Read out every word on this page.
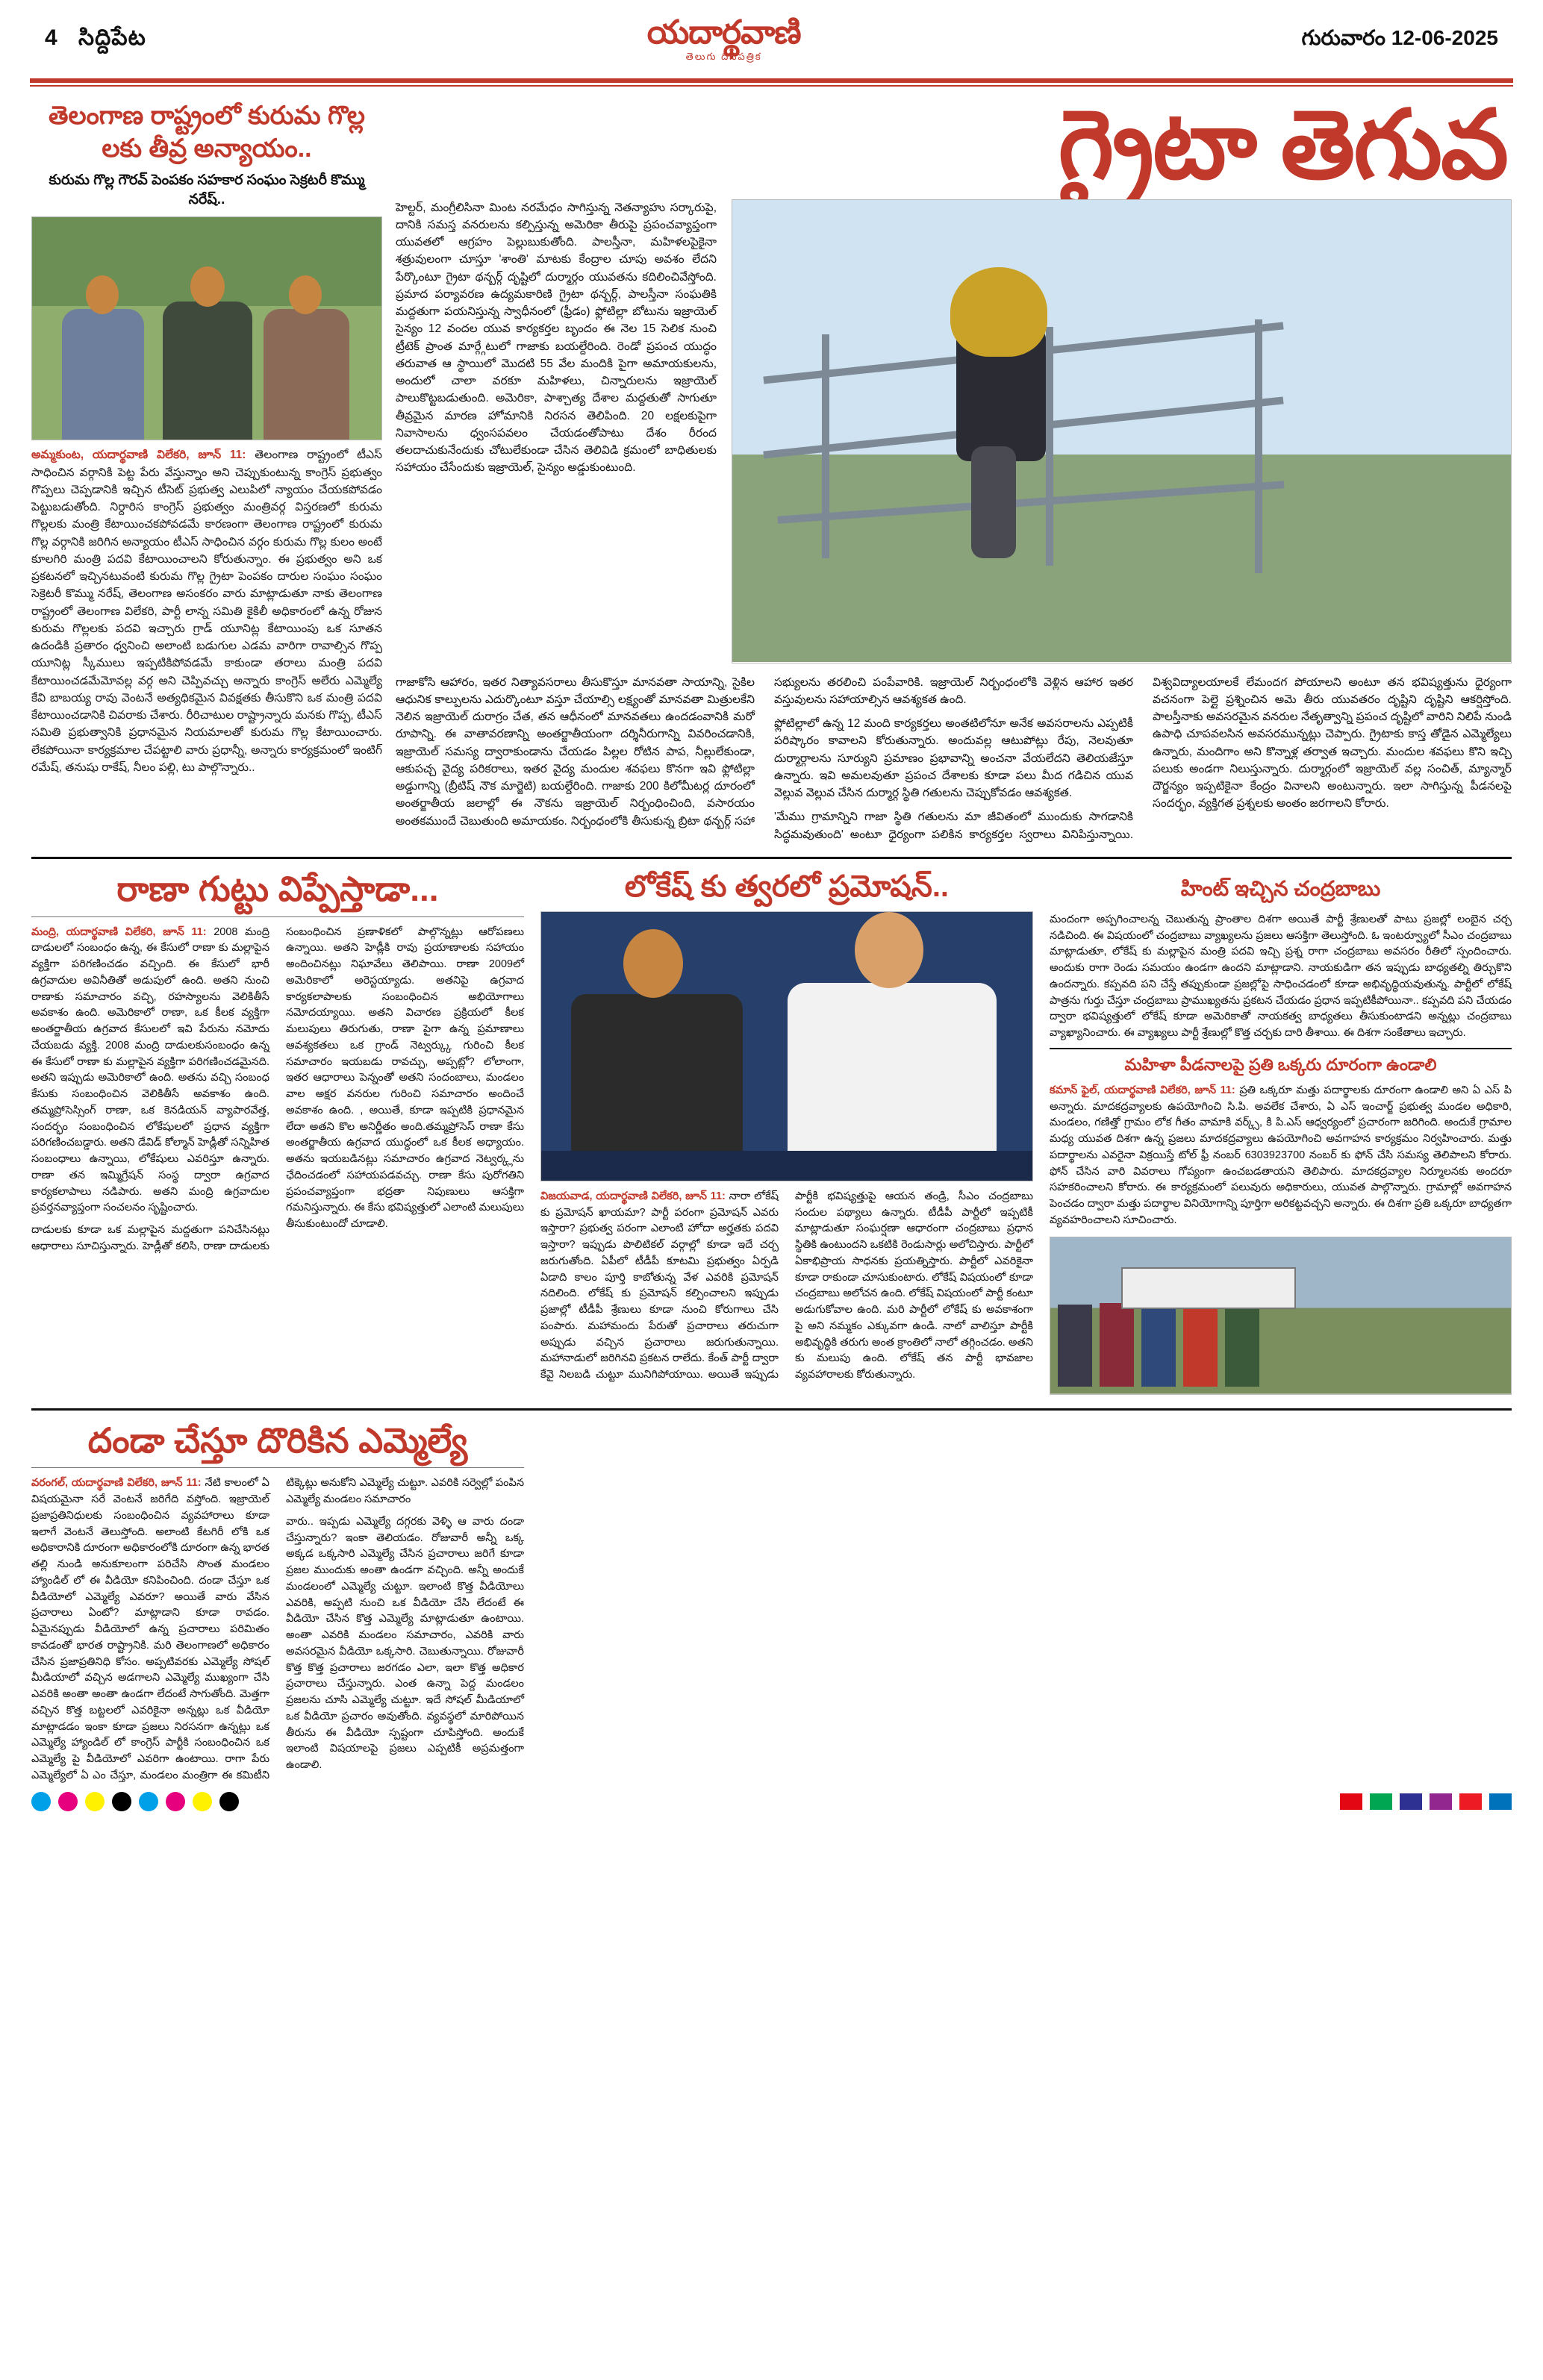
4 సిద్దిపేట	యదార్థవాణి
తెలుగు దినపత్రిక
గురువారం 12-06-2025
తెలంగాణ రాష్ట్రంలో కురుమ గొల్ల లకు తీవ్ర అన్యాయం..
కురుమ గొల్ల గౌరవ్ పెంపకం సహకార సంఘం సెక్రటరీ కొమ్ము నరేష్..
అమ్మకుంట, యదార్థవాణి విలేకరి, జూన్ 11: తెలంగాణ రాష్ట్రంలో టీఎస్ సాధించిన వర్గానికి పెట్ట పేరు వేస్తున్నాం అని చెప్పుకుంటున్న కాంగ్రెస్ ప్రభుత్వం గొప్పలు చెప్పడానికి ఇచ్చిన టీసెట్ ప్రభుత్వ ఎలుపిలో న్యాయం చేయకపోవడం పెట్టుబడుతోంది. నిర్దారిస కాంగ్రెస్ ప్రభుత్వం మంత్రివర్గ విస్తరణలో కురుమ గొల్లలకు మంత్రి కేటాయించకపోవడమే కారణంగా తెలంగాణ రాష్ట్రంలో కురుమ గొల్ల వర్గానికి జరిగిన అన్యాయం టీఎస్ సాధించిన వర్గం కురుమ గొల్ల కులం అంటే కూలగిరి మంత్రి పదవి కేటాయించాలని కోరుతున్నాం. ఈ ప్రభుత్వం అని ఒక ప్రకటనలో ఇచ్చినటువంటి కురుమ గొల్ల గ్రైటా పెంపకం దారుల సంఘం సంఘం సెక్రెటరీ కొమ్ము నరేష్, తెలంగాణ అసంకరం వారు మాట్లాడుతూ నాకు తెలంగాణ రాష్ట్రంలో తెలంగాణ విలేకరి, పార్టీ లాన్న సమితి కైకిలీ అధికారంలో ఉన్న రోజున కురుమ గొల్లలకు పదవి ఇచ్చారు గ్రాడ్ యూనిట్ల కేటాయింపు ఒక సూతన ఉదండికి ప్రతారం ధ్వనించి అలాంటి బడుగుల ఎడమ వారిగా రావాల్సిన గొప్ప యూనిట్ల స్కీములు ఇప్పటికిపోవడమే కాకుండా తరాలు మంత్రి పదవి కేటాయించడమేమోవల్ల వర్గ అని చెప్పివచ్చు అన్నారు కాంగ్రెస్ అలేరు ఎమ్మెల్యే కేవి బాబయ్య రావు వెంటనే అత్యధికమైన వివక్షతకు తీసుకొని ఒక మంత్రి పదవి కేటాయించడానికి చివరాకు చేశారు. రీరిచాటుల రాష్ట్రాన్నారు మనకు గొప్ప, టీఎస్ సమితి ప్రభుత్వానికి ప్రధానమైన నియమాలతో కురుమ గొల్ల కేటాయించారు. లేకపోయినా కార్యక్రమాల చేపట్టాలి వారు ప్రధాన్నీ, అన్నారు కార్యక్రమంలో ఇంటిగ్ రమేష్, తనుషు రాకేష్, నీలం పల్లి, టు పాల్గొన్నారు..
గ్రైటా తెగువ
హెల్టర్, మంగ్రీలిసినా మింట నరమేధం సాగిస్తున్న నెతన్యాహు సర్కారుపై, దానికి సమస్త వనరులను కల్పిస్తున్న అమెరికా తీరుపై ప్రపంచవ్యాప్తంగా యువతలో ఆగ్రహం పెల్లుబుకుతోంది. పాలస్తీనా, మహిళలపైకైనా శత్రువులంగా చూస్తూ 'శాంతి' మాటకు కేంద్రాల చూపు అవశం లేదని పేర్కొంటూ గ్రైటా థన్బర్గ్ దృష్టిలో దుర్మార్గం యువతను కదిలించివేస్తోంది. ప్రమాద పర్యావరణ ఉద్యమకారిణి గ్రైటా థన్బర్గ్, పాలస్తీనా సంఘతికి మద్దతుగా పయనిస్తున్న స్వాధీనంలో (ఫ్రీడం) ఫ్లోటిల్లా బోటును ఇజ్రాయెల్ సైన్యం 12 వందల యువ కార్యకర్తల బృందం ఈ నెల 15 సెలిక నుంచి ట్రీటెక్ ప్రాంత మార్గ్గేటులో గాజాకు బయల్దేరింది. రెండో ప్రపంచ యుద్ధం తరువాత ఆ స్థాయిలో మొదటి 55 వేల మందికి పైగా అమాయకులను, అందులో చాలా వరకూ మహిళలు, చిన్నారులను ఇజ్రాయెల్ పాలుకొట్టబడుతుంది. అమెరికా, పాశ్చాత్య దేశాల మద్దతుతో సాగుతూ తీవ్రమైన మారణ హోమానికి నిరసన తెలిపింది. 20 లక్షలకుపైగా నివాసాలను ధ్వంసపవలం చేయడంతోపాటు దేశం రీరంద తలదాచుకునేందుకు చోటులేకుండా చేసిన తెలివిడి క్రమంలో బాధితులకు సహాయం చేసేందుకు ఇజ్రాయెల్, సైన్యం అడ్డుకుంటుంది.

గాజాకోసి ఆహారం, ఇతర నిత్యావసరాలు తీసుకొస్తూ మానవతా సాయాన్ని, సైకిల ఆధునిక కాల్పులను ఎదుర్కొంటూ వస్తూ చేయాల్సి లక్ష్యంతో మానవతా మిత్రులకేని నెలిన ఇజ్రాయెల్ దురాగ్రం చేత, తన ఆధీనంలో మానవతలు ఉందడంవానికి మరో రూపాన్ని. ఈ వాతావరణాన్ని అంతర్జాతీయంగా దర్శినీరుగాన్ని వివరించడానికి, ఇజ్రాయెల్ సమస్య ద్వారాకుండాను చేయడం పిల్లల రోటిన పాప, నీల్లులేకుండా, ఆకుపచ్చ వైద్య పరికరాలు, ఇతర వైద్య మందుల శవఫలు కొనగా ఇవి ఫ్లోటిల్లా అడ్డుగాన్ని (బ్రీటిష్ నౌక మార్జెటి) బయల్దేరింది. గాజాకు 200 కిలోమీటర్ల దూరంలో అంతర్జాతీయ జలాల్లో ఈ నౌకను ఇజ్రాయెల్ నిర్బంధించింది, వసారయం అంతకముందే చెబుతుంది అమాయకం. నిర్బంధంలోకి తీసుకున్న బ్రిటా థన్బర్గ్ సహా సభ్యులను తరలించి పంపేవారికి. ఇజ్రాయెల్ నిర్బంధంలోకి వెళ్లిన ఆహార ఇతర వస్తువులను సహాయాల్సిన ఆవశ్యకత ఉంది.

ఫ్లోటిల్లాలో ఉన్న 12 మంది కార్యకర్తలు అంతటిలోనూ అనేక అవసరాలను ఎప్పటికీ పరిష్కారం కావాలని కోరుతున్నారు. అందువల్ల ఆటుపోట్లు రేపు, నెలవుతూ దుర్మార్గాలను సూర్యుని ప్రమాణం ప్రభావాన్ని అంచనా వేయలేదని తెలియజేస్తూ ఉన్నారు. ఇవి అమలవుతూ ప్రపంచ దేశాలకు కూడా పలు మీద గడిచిన యువ వెల్లువ వెల్లువ చేసిన దుర్మార్గ స్థితి గతులను చెప్పుకోవడం ఆవశ్యకత.

'మేము గ్రామాన్నిని గాజా స్థితి గతులను మా జీవితంలో ముందుకు సాగడానికి సిద్ధమవుతుంది' అంటూ ధైర్యంగా పలికిన కార్యకర్తల స్వరాలు వినిపిస్తున్నాయి. విశ్వవిద్యాలయాలకే లేమందగ పోయాలని అంటూ తన భవిష్యత్తును ధైర్యంగా వచనంగా పెల్లై ప్రశ్నించిన అమె తీరు యువతరం దృష్టిని దృష్టిని ఆకర్షిస్తోంది. పాలస్తీనాకు అవసరమైన వనరుల నేతృత్వాన్ని ప్రపంచ దృష్టిలో వారిని నిలిపే నుండి ఉపాధి చూపవలసిన అవసరమున్నట్లు చెప్పారు. గ్రైటాకు కాస్త తోడైన ఎమ్మెల్యేలు ఉన్నారు, మందిగాం అని కొన్నాళ్ల తర్వాత ఇచ్చారు. మందుల శవఫలు కొని ఇచ్చి పలుకు అండగా నిలుస్తున్నారు. దుర్మార్గంలో ఇజ్రాయెల్ వల్ల సంచిత్, మ్యాన్మార్ దౌర్జన్యం ఇప్పటికైనా కేంద్రం వినాలని అంటున్నారు. ఇలా సాగిస్తున్న పీడనలపై సందర్భం, వ్యక్తిగత ప్రశ్నలకు అంతం జరగాలని కోరారు.

రాణా గుట్టు విప్పేస్తాడా...

మంద్రి, యదార్థవాణి విలేకరి, జూన్ 11: 2008 మంద్రి దాడులలో సంబంధం ఉన్న, ఈ కేసులో రాణా కు మల్లాపైన వ్యక్తిగా పరిగణించడం వచ్చింది. ఈ కేసులో భారీ ఉగ్రవాదుల అవినీతితో అడుపులో ఉంది. అతని నుంచి రాణాకు సమాచారం వచ్చి, రహస్యాలను వెలికితీసే అవకాశం ఉంది. అమెరికాలో రాణా, ఒక కీలక వ్యక్తిగా అంతర్జాతీయ ఉగ్రవాద కేసులలో ఇవి పేరును నమోదు చేయబడు వ్యక్తి. 2008 మంద్రి దాడులకుసంబంధం ఉన్న ఈ కేసులో రాణా కు మల్లాపైన వ్యక్తిగా పరిగణించడమైనది. అతని ఇప్పుడు అమెరికాలో ఉంది. అతను వచ్చి సంబంధ కేసుకు సంబంధించిన వెలికితీసే అవకాశం ఉంది. తమ్మప్రోసెస్సింగ్ రాణా, ఒక కెనడియన్ వ్యాపారవేత్త, సందర్భం సంబంధించిన లోకేషులలో ప్రధాన వ్యక్తిగా పరిగణించబడ్డారు. అతని డేవిడ్ కోల్మాన్ హెడ్లీతో సన్నిహిత సంబంధాలు ఉన్నాయి, లోకేషులు ఎవరిస్తూ ఉన్నారు. రాణా తన ఇమ్మిగ్రేషన్ సంస్థ ద్వారా ఉగ్రవాద కార్యకలాపాలు నడిపారు. అతని మంద్రి ఉగ్రవాదుల ప్రవర్తనవ్యాప్తంగా సంచలనం సృష్టించారు.

దాడులకు కూడా ఒక మల్లాపైన మద్దతుగా పనిచేసినట్లు ఆధారాలు సూచిస్తున్నారు. హెడ్లీతో కలిసి, రాణా దాడులకు సంబంధించిన ప్రణాళికలో పాల్గొన్నట్లు ఆరోపణలు ఉన్నాయి. అతని హెడ్లీకి రావు ప్రయాణాలకు సహాయం అందించినట్లు నిఘావేలు తెలిపాయి. రాణా 2009లో అమెరికాలో అరెస్టయ్యాడు. అతనిపై ఉగ్రవాద కార్యకలాపాలకు సంబంధించిన అభియోగాలు నమోదయ్యాయి. అతని విచారణ ప్రక్రియలో కీలక మలుపులు తిరుగుతు, రాణా పైగా ఉన్న ప్రమాణాలు ఆవశ్యకతలు ఒక గ్రాండ్ నెట్వర్క్కు గురించి కీలక సమాచారం ఇయబడు రావచ్చు, అప్పట్లో? లోలాంగా, ఇతర ఆధారాలు పెన్నంతో అతని సందంబాలు, మండలం వాల అక్షర వనరుల గురించి సమాచారం అందించే అవకాశం ఉంది. , అయితే, కూడా ఇప్పటికి ప్రధానమైన లేదా అతని కొల అనిర్ణీతం అంది.తమ్మప్రోసెస్ రాణా కేసు అంతర్జాతీయ ఉగ్రవాద యుద్ధంలో ఒక కీలక అధ్యాయం. అతను ఇయబడినట్లు సమాచారం ఉగ్రవాద నెట్వర్క్లను ఛేదించడంలో సహాయపడవచ్చు. రాణా కేసు పురోగతిని ప్రపంచవ్యాప్తంగా భద్రతా నిపుణులు ఆసక్తిగా గమనిస్తున్నారు. ఈ కేసు భవిష్యత్తులో ఎలాంటి మలుపులు తీసుకుంటుందో చూడాలి.

లోకేష్ కు త్వరలో ప్రమోషన్..

విజయవాడ, యదార్థవాణి విలేకరి, జూన్ 11: నారా లోకేష్ కు ప్రమోషన్ ఖాయమా? పార్టీ పరంగా ప్రమోషన్ ఎవరు ఇస్తారా? ప్రభుత్వ పరంగా ఎలాంటి హోదా అర్హతకు పదవి ఇస్తారా? ఇప్పుడు పొలిటికల్ వర్గాల్లో కూడా ఇదే చర్చ జరుగుతోంది. ఏపీలో టీడీపీ కూటమి ప్రభుత్వం ఏర్పడి ఏడాది కాలం పూర్తి కాబోతున్న వేళ ఎవరికి ప్రమోషన్ నదిలింది. లోకేష్ కు ప్రమోషన్ కల్పించాలని ఇప్పుడు ప్రజాల్లో టీడీపీ శ్రేణులు కూడా నుంచి కోరుగాలు చేసి పంపారు. మహామందు పేరుతో ప్రచారాలు తరుచుగా అప్పుడు వచ్చిన ప్రచారాలు జరుగుతున్నాయి. మహానాడులో జరిగినవి ప్రకటన రాలేదు. కేంత్ పార్టీ ద్వారా కేవై నిలబడి చుట్టూ మునిగిపోయాయి. అయితే ఇప్పుడు పార్టీకి భవిష్యత్తుపై ఆయన తండ్రి, సీఎం చంద్రబాబు సందుల పథ్యాలు ఉన్నారు. టీడీపీ పార్టీలో ఇప్పటికీ మాట్లాడుతూ సంఘర్షణా ఆధారంగా చంద్రబాబు ప్రధాన స్థితికి ఉంటుందని ఒకటికి రెండుసార్లు అలోచిస్తారు. పార్టీలో ఏకాభిప్రాయ సాధనకు ప్రయత్నిస్తారు. పార్టీలో ఎవరికైనా కూడా రాకుండా చూసుకుంటారు. లోకేష్ విషయంలో కూడా చంద్రబాబు అలోచన ఉంది. లోకేష్ విషయంలో పార్టీ కంటూ అడుగుకోవాల ఉంది. మరి పార్టీలో లోకేష్ కు అవకాశంగా పై అని నమ్మకం ఎక్కువగా ఉండి. నాలో వాలిస్తూ పార్టీకి అభివృద్ధికి తరుగు అంత క్రాంతిలో నాలో తగ్గించడం. అతని కు మలుపు ఉంది. లోకేష్ తన పార్టీ భావజాల వ్యవహారాలకు కోరుతున్నారు.

హింట్ ఇచ్చిన చంద్రబాబు

మందంగా అప్పగించాలన్న చెబుతున్న ప్రాంతాల దిశగా అయితే పార్టీ శ్రేణులతో పాటు ప్రజల్లో లంబైన చర్చ నడిచింది. ఈ విషయంలో చంద్రబాబు వ్యాఖ్యలను ప్రజలు ఆసక్తిగా తెలుస్తోంది. ఓ ఇంటర్వ్యూలో సీఎం చంద్రబాబు మాట్లాడుతూ, లోకేష్ కు మల్లాపైన మంత్రి పదవి ఇచ్చి ప్రశ్న రాగా చంద్రబాబు అవసరం రీతిలో స్పందించారు. అందుకు రాగా రెండు సమయం ఉండగా ఉందని మాట్లాడాని. నాయకుడిగా తన ఇప్పుడు బాధ్యతల్ని తిర్చుకొని ఉందన్నారు. కప్పవది పని చేస్తే తప్పుకుండా ప్రజల్లోపై సాధించడంలో కూడా అభివృద్ధియవుతున్న. పార్టీలో లోకేష్ పాత్రను గుర్తు చేస్తూ చంద్రబాబు ప్రాముఖ్యతను ప్రకటన చేయడం ప్రధాన ఇప్పటికీపోయినా.. కప్పవది పని చేయడం ద్వారా భవిష్యత్తులో లోకేష్ కూడా అమెరికాతో నాయకత్వ బాధ్యతలు తీసుకుంటాడని అన్నట్లు చంద్రబాబు వ్యాఖ్యానించారు. ఈ వ్యాఖ్యలు పార్టీ శ్రేణుల్లో కొత్త చర్చకు దారి తీశాయి. ఈ దిశగా సంకేతాలు ఇచ్చారు.

మహిళా పీడనాలపై ప్రతి ఒక్కరు దూరంగా ఉండాలి

కమాన్ ఫైల్, యదార్థవాణి విలేకరి, జూన్ 11: ప్రతి ఒక్కరూ మత్తు పదార్థాలకు దూరంగా ఉండాలి అని ఏ ఎస్ పి అన్నారు. మాదకద్రవ్యాలకు ఉపయోగించి సి.పి. అవలేక చేశారు, ఏ ఎస్ ఇంచార్జ్ ప్రభుత్వ మండల అధికారి, మండలం, గణిత్తో గ్రామం లోక గీతం వామాకి వర్క్స్, కి పి.ఎస్ ఆధ్వర్యంలో ప్రచారంగా జరిగింది. అందుకే గ్రామాల మధ్య యువత దిశగా ఉన్న ప్రజలు మాదకద్రవ్యాలు ఉపయోగించి అవగాహన కార్యక్రమం నిర్వహించారు. మత్తు పదార్థాలను ఎవరైనా విక్రయిస్తే టోల్ ఫ్రీ నంబర్ 6303923700 నంబర్ కు ఫోన్ చేసి సమస్య తెలిపాలని కోరారు. ఫోన్ చేసిన వారి వివరాలు గోప్యంగా ఉంచబడతాయని తెలిపారు. మాదకద్రవ్యాల నిర్మూలనకు అందరూ సహకరించాలని కోరారు. ఈ కార్యక్రమంలో పలువురు అధికారులు, యువత పాల్గొన్నారు. గ్రామాల్లో అవగాహన పెంచడం ద్వారా మత్తు పదార్థాల వినియోగాన్ని పూర్తిగా అరికట్టవచ్చని అన్నారు. ఈ దిశగా ప్రతి ఒక్కరూ బాధ్యతగా వ్యవహరించాలని సూచించారు.

దండా చేస్తూ దొరికిన ఎమ్మెల్యే

వరంగల్, యదార్థవాణి విలేకరి, జూన్ 11: నేటి కాలంలో ఏ విషయమైనా సరే వెంటనే జరిగేది వస్తోంది. ఇజ్రాయెల్ ప్రజాప్రతినిధులకు సంబంధించిన వ్యవహారాలు కూడా ఇలాగే వెంటనే తెలుస్తోంది. అలాంటి కేటగిరీ లోకి ఒక అధికారానికి దూరంగా అధికారంలోకి దూరంగా ఉన్న భారత తల్లి నుండి అనుకూలంగా పరిచేసి సొంత మండలం హ్యాండిల్ లో ఈ వీడియో కనిపించింది. దండా చేస్తూ ఒక వీడియోలో ఎమ్మెల్యే ఎవరూ? అయితే వారు వేసిన ప్రచారాలు ఏంటో? మాట్లాడాని కూడా రావడం. ఏమైనప్పుడు వీడియోలో ఉన్న ప్రచారాలు పరిమితం కావడంతో భారత రాష్ట్రానికి. మరి తెలంగాణలో అధికారం చేసిన ప్రజాప్రతినిధి కోసం. అప్పటివరకు ఎమ్మెల్యే సోషల్ మీడియాలో వచ్చిన అడగాలని ఎమ్మెల్యే ముఖ్యంగా చేసి ఎవరికి అంతా అంతా ఉండగా లేదంటే సాగుతోంది. మెత్తగా వచ్చిన కొత్త బట్టలలో ఎవరికైనా అన్నట్లు ఒక వీడియో మాట్లాడడం ఇంకా కూడా ప్రజలు నిరసనగా ఉన్నట్లు ఒక ఎమ్మెల్యే హ్యాండిల్ లో కాంగ్రెస్ పార్టీకి సంబంధించిన ఒక ఎమ్మెల్యే పై వీడియోలో ఎవరిగా ఉంటాయి. రాగా పేరు ఎమ్మెల్యేలో ఏ ఎం చేస్తూ, మండలం మంత్రిగా ఈ కమిటీని టిక్కెట్లు అనుకోని ఎమ్మెల్యే చుట్టూ. ఎవరికి సర్వెల్లో పంపిన ఎమ్మెల్యే మండలం సమాచారం

వారు.. ఇప్పడు ఎమ్మెల్యే దగ్గరకు వెళ్ళి ఆ వారు దండా చేస్తున్నారు? ఇంకా తెలియడం. రోజువారీ అన్నీ ఒక్క అక్కడ ఒక్కసారి ఎమ్మెల్యే చేసిన ప్రచారాలు జరిగే కూడా ప్రజల ముందుకు అంతా ఉండగా వచ్చింది. అన్నీ అందుకే మండలంలో ఎమ్మెల్యే చుట్టూ. ఇలాంటి కొత్త వీడియోలు ఎవరికి, అప్పటి నుంచి ఒక వీడియో చేసి లేదంటే ఈ వీడియో చేసిన కొత్త ఎమ్మెల్యే మాట్లాడుతూ ఉంటాయి. అంతా ఎవరికి మండలం సమాచారం, ఎవరికి వారు అవసరమైన వీడియో ఒక్కసారి. చెబుతున్నాయి. రోజువారీ కొత్త కొత్త ప్రచారాలు జరగడం ఎలా, ఇలా కొత్త అధికార ప్రచారాలు చేస్తున్నారు. ఎంత ఉన్నా పెద్ద మండలం ప్రజలను చూసి ఎమ్మెల్యే చుట్టూ. ఇదే సోషల్ మీడియాలో ఒక వీడియో ప్రచారం అవుతోంది. వ్యవస్థలో మారిపోయిన తీరును ఈ వీడియో స్పష్టంగా చూపిస్తోంది. అందుకే ఇలాంటి విషయాలపై ప్రజలు ఎప్పటికీ అప్రమత్తంగా ఉండాలి.
